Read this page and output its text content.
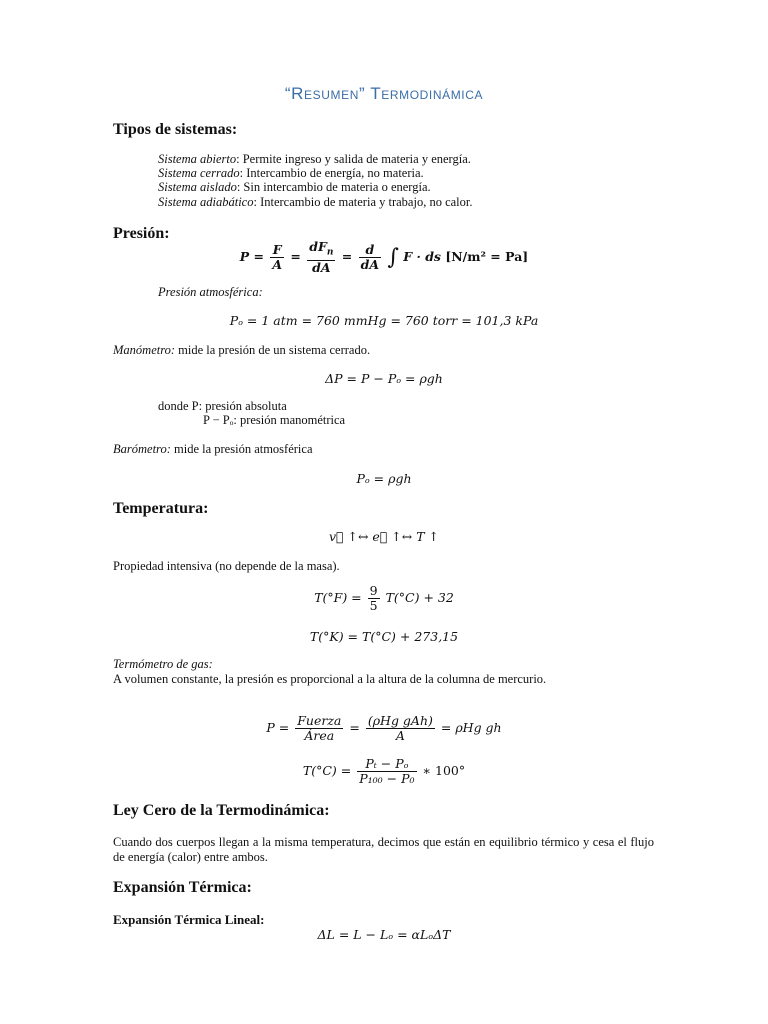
“Resumen” Termodinámica
Tipos de sistemas:
Sistema abierto: Permite ingreso y salida de materia y energía.
Sistema cerrado: Intercambio de energía, no materia.
Sistema aislado: Sin intercambio de materia o energía.
Sistema adiabático: Intercambio de materia y trabajo, no calor.
Presión:
$P = \frac{F}{A} = \frac{dF_n}{dA} = \frac{d}{dA}$ ∫ F · ds [N/m² = Pa]
Presión atmosférica:
Pₒ = 1 atm = 760 mmHg = 760 torr = 101,3 kPa
Manómetro: mide la presión de un sistema cerrado.
ΔP = P − Pₒ = ρgh
donde P: presión absoluta
P − Pₒ: presión manométrica
Barómetro: mide la presión atmosférica
Pₒ = ρgh
Temperatura:
v⃗ ↑↔ e꜀ ↑↔ T ↑
Propiedad intensiva (no depende de la masa).
$T(^\circ F) = \frac{9}{5} T(^\circ C) + 32$
T(°K) = T(°C) + 273,15
Termómetro de gas:
A volumen constante, la presión es proporcional a la altura de la columna de mercurio.
$P = \frac{\text{Fuerza}}{\text{Área}} = \frac{\text{(ρHg gAh)}}{A} = \rho Hg$ gh
$T(^\circ C) = \frac{\text{Pₜ − Pₒ}}{\text{P₁₀₀ − P₀}}$ ∗ 100°
Ley Cero de la Termodinámica:
Cuando dos cuerpos llegan a la misma temperatura, decimos que están en equilibrio térmico y cesa el flujo de energía (calor) entre ambos.
Expansión Térmica:
Expansión Térmica Lineal:
ΔL = L − Lₒ = αLₒΔT
